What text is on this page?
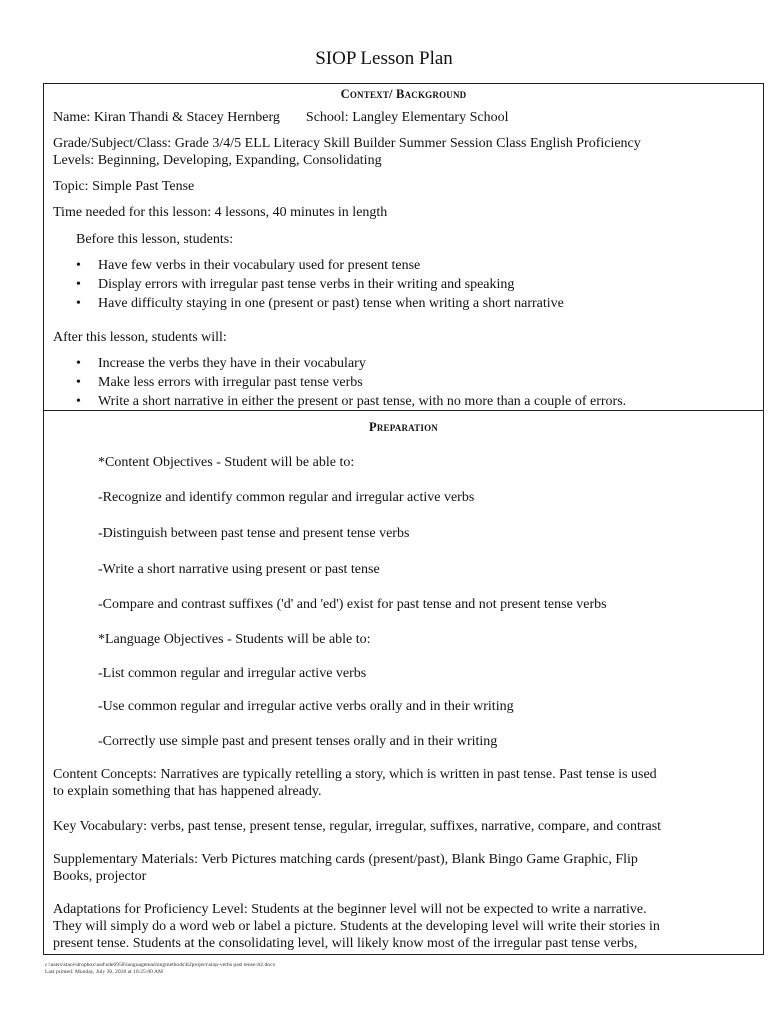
SIOP Lesson Plan
Context/ Background
Name: Kiran Thandi & Stacey Hernberg School: Langley Elementary School
Grade/Subject/Class: Grade 3/4/5 ELL Literacy Skill Builder Summer Session Class English Proficiency
Levels: Beginning, Developing, Expanding, Consolidating
Topic: Simple Past Tense
Time needed for this lesson: 4 lessons, 40 minutes in length
Before this lesson, students:
• Have few verbs in their vocabulary used for present tense
• Display errors with irregular past tense verbs in their writing and speaking
• Have difficulty staying in one (present or past) tense when writing a short narrative
After this lesson, students will:
• Increase the verbs they have in their vocabulary
• Make less errors with irregular past tense verbs
• Write a short narrative in either the present or past tense, with no more than a couple of errors.
Preparation
*Content Objectives - Student will be able to:
-Recognize and identify common regular and irregular active verbs
-Distinguish between past tense and present tense verbs
-Write a short narrative using present or past tense
-Compare and contrast suffixes ('d' and 'ed') exist for past tense and not present tense verbs
*Language Objectives - Students will be able to:
-List common regular and irregular active verbs
-Use common regular and irregular active verbs orally and in their writing
-Correctly use simple past and present tenses orally and in their writing
Content Concepts: Narratives are typically retelling a story, which is written in past tense. Past tense is used
to explain something that has happened already.
Key Vocabulary: verbs, past tense, present tense, regular, irregular, suffixes, narrative, compare, and contrast
Supplementary Materials: Verb Pictures matching cards (present/past), Blank Bingo Game Graphic, Flip
Books, projector
Adaptations for Proficiency Level: Students at the beginner level will not be expected to write a narrative.
They will simply do a word web or label a picture. Students at the developing level will write their stories in
present tense. Students at the consolidating level, will likely know most of the irregular past tense verbs,
c:\users\stace\dropbox\usd\sde6958\languageteachingmethods\lt2project\siop-verbs past tense-lt2.docx
Last printed: Monday, July 30, 2018 at 10:25:00 AM
